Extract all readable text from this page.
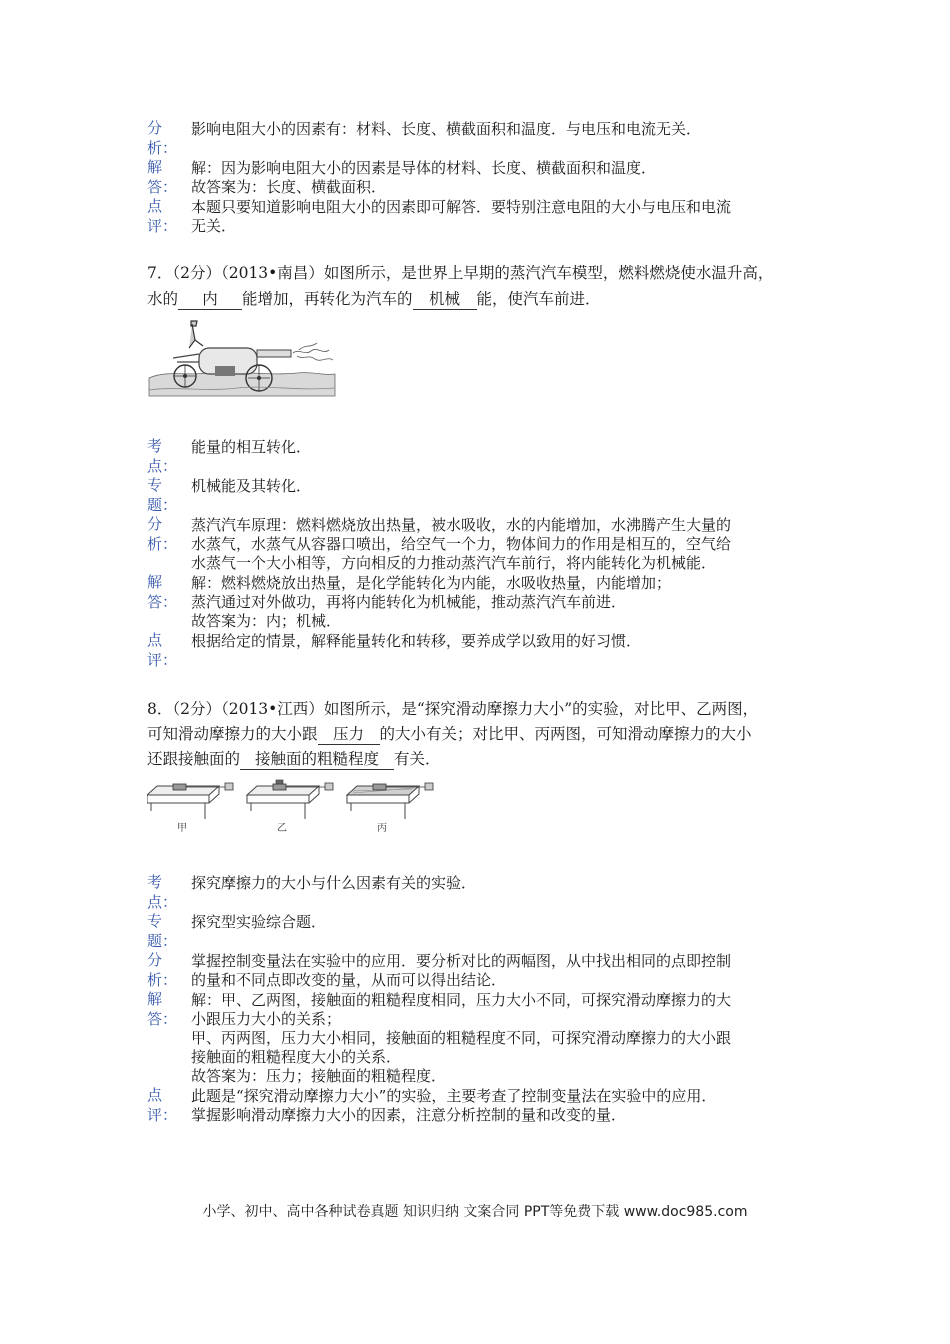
分
析：
影响电阻大小的因素有：材料、长度、横截面积和温度．与电压和电流无关．
解
答：
解：因为影响电阻大小的因素是导体的材料、长度、横截面积和温度．
故答案为：长度、横截面积．
点
评：
本题只要知道影响电阻大小的因素即可解答．要特别注意电阻的大小与电压和电流
无关．
7．（2分）（2013•南昌）如图所示，是世界上早期的蒸汽汽车模型，燃料燃烧使水温升高，
水的 内 能增加，再转化为汽车的 机械 能，使汽车前进．
考
点：
能量的相互转化．
专
题：
机械能及其转化．
分
析：
蒸汽汽车原理：燃料燃烧放出热量，被水吸收，水的内能增加，水沸腾产生大量的
水蒸气，水蒸气从容器口喷出，给空气一个力，物体间力的作用是相互的，空气给
水蒸气一个大小相等，方向相反的力推动蒸汽汽车前行，将内能转化为机械能．
解
答：
解：燃料燃烧放出热量，是化学能转化为内能，水吸收热量，内能增加；
蒸汽通过对外做功，再将内能转化为机械能，推动蒸汽汽车前进．
故答案为：内；机械．
点
评：
根据给定的情景，解释能量转化和转移，要养成学以致用的好习惯．
8．（2分）（2013•江西）如图所示，是“探究滑动摩擦力大小”的实验，对比甲、乙两图，
可知滑动摩擦力的大小跟 压力 的大小有关；对比甲、丙两图，可知滑动摩擦力的大小
还跟接触面的 接触面的粗糙程度 有关．
甲	乙	丙
考
点：
探究摩擦力的大小与什么因素有关的实验．
专
题：
探究型实验综合题．
分
析：
掌握控制变量法在实验中的应用．要分析对比的两幅图，从中找出相同的点即控制
的量和不同点即改变的量，从而可以得出结论．
解
答：
解：甲、乙两图，接触面的粗糙程度相同，压力大小不同，可探究滑动摩擦力的大
小跟压力大小的关系；
甲、丙两图，压力大小相同，接触面的粗糙程度不同，可探究滑动摩擦力的大小跟
接触面的粗糙程度大小的关系．
故答案为：压力；接触面的粗糙程度．
点
评：
此题是“探究滑动摩擦力大小”的实验，主要考查了控制变量法在实验中的应用．
掌握影响滑动摩擦力大小的因素，注意分析控制的量和改变的量．
小学、初中、高中各种试卷真题 知识归纳 文案合同 PPT等免费下载 www.doc985.com
